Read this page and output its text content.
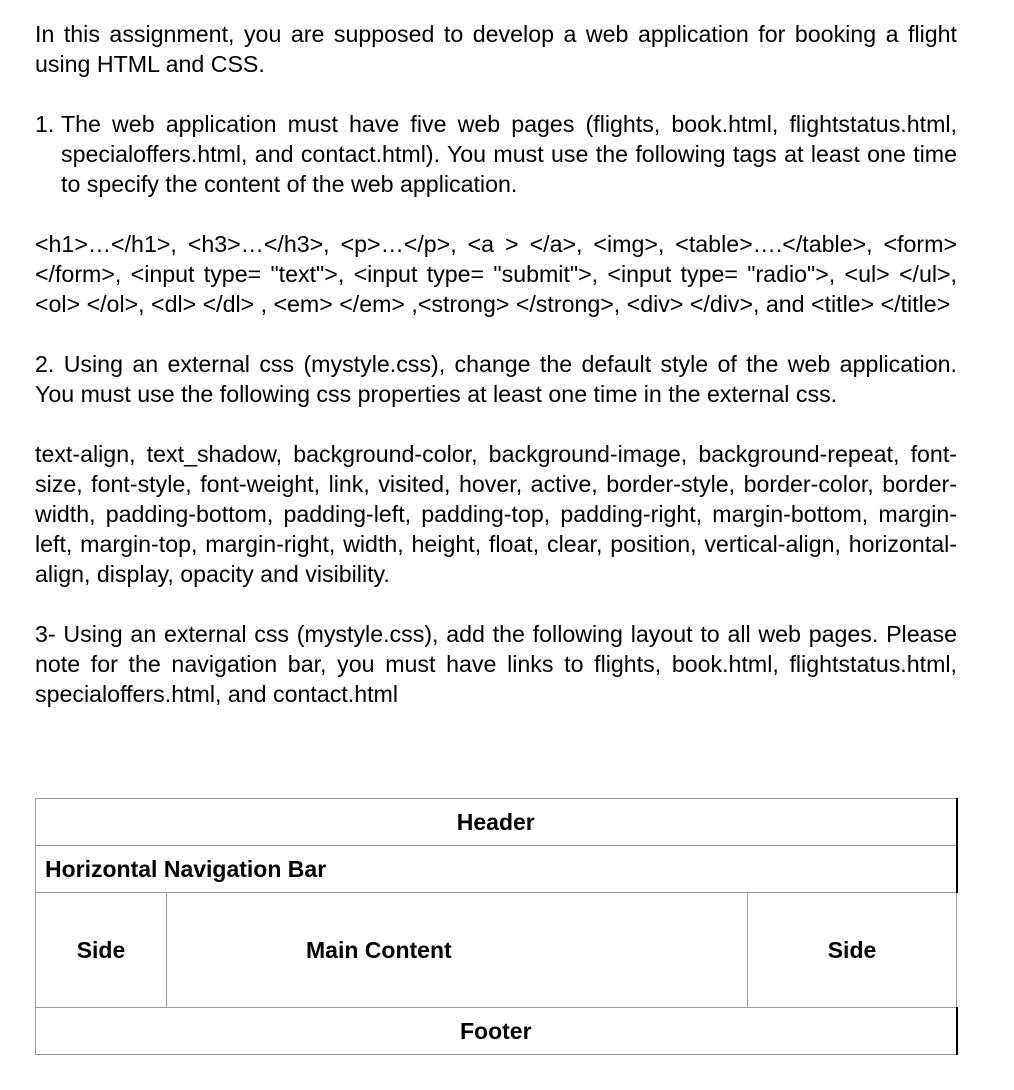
In this assignment, you are supposed to develop a web application for booking a flight using HTML and CSS.

1. The web application must have five web pages (flights, book.html, flightstatus.html, specialoffers.html, and contact.html). You must use the following tags at least one time to specify the content of the web application.

<h1>…</h1>, <h3>…</h3>, <p>…</p>, <a > </a>, <img>, <table>….</table>, <form> </form>, <input type= "text">, <input type= "submit">, <input type= "radio">, <ul> </ul>, <ol> </ol>, <dl> </dl> , <em> </em> ,<strong> </strong>, <div> </div>, and <title> </title>

2. Using an external css (mystyle.css), change the default style of the web application. You must use the following css properties at least one time in the external css.

text-align, text_shadow, background-color, background-image, background-repeat, font-size, font-style, font-weight, link, visited, hover, active, border-style, border-color, border-width, padding-bottom, padding-left, padding-top, padding-right, margin-bottom, margin-left, margin-top, margin-right, width, height, float, clear, position, vertical-align, horizontal-align, display, opacity and visibility.

3- Using an external css (mystyle.css), add the following layout to all web pages. Please note for the navigation bar, you must have links to flights, book.html, flightstatus.html, specialoffers.html, and contact.html

Header
Horizontal Navigation Bar
Side	Main Content	Side
Footer
